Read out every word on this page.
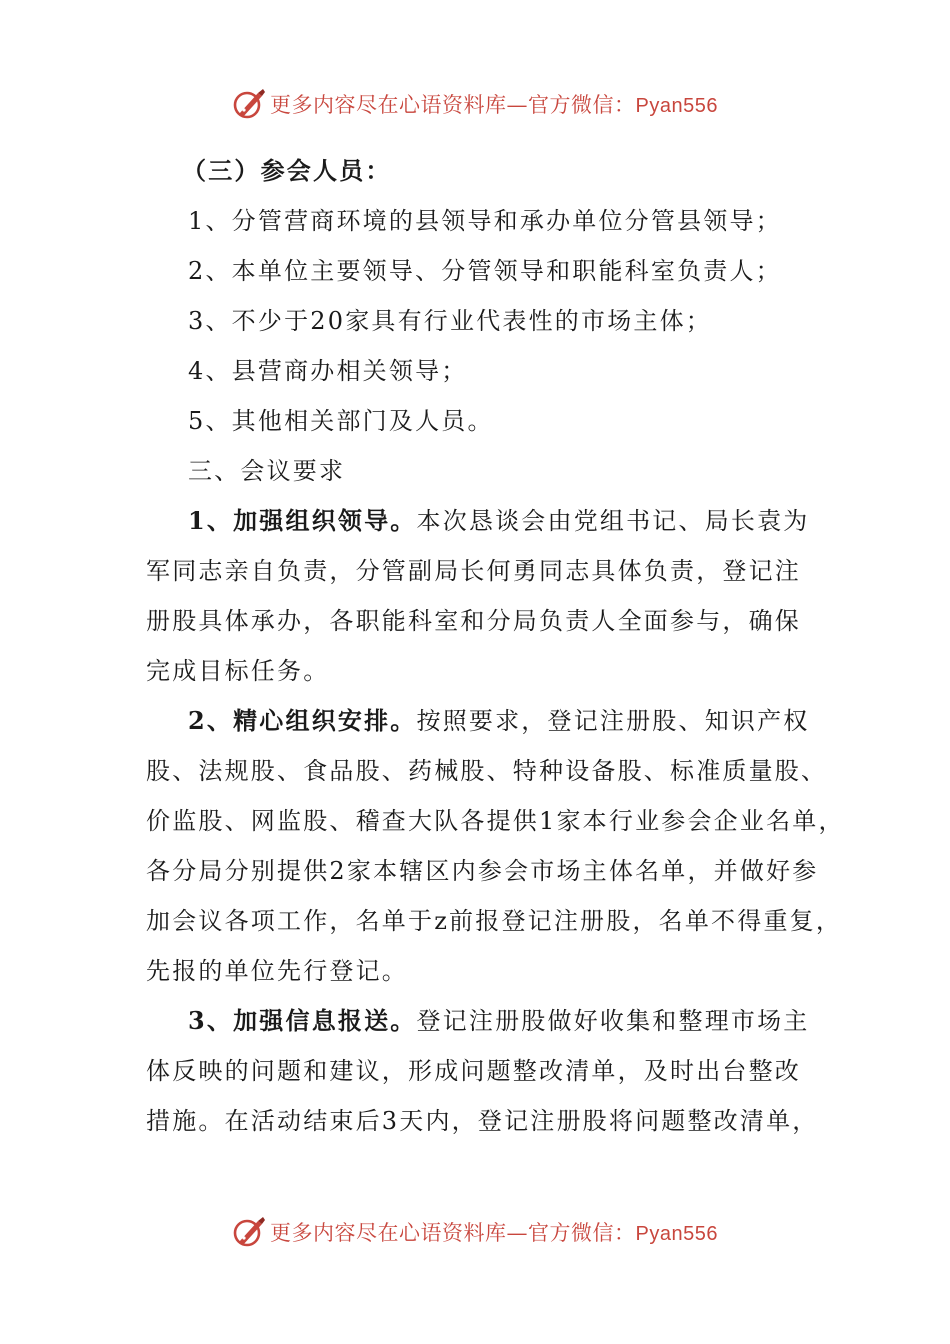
更多内容尽在心语资料库—官方微信：Pyan556
（三）参会人员：
1、分管营商环境的县领导和承办单位分管县领导；
2、本单位主要领导、分管领导和职能科室负责人；
3、不少于20家具有行业代表性的市场主体；
4、县营商办相关领导；
5、其他相关部门及人员。
三、会议要求
1、加强组织领导。本次恳谈会由党组书记、局长袁为
军同志亲自负责，分管副局长何勇同志具体负责，登记注
册股具体承办，各职能科室和分局负责人全面参与，确保
完成目标任务。
2、精心组织安排。按照要求，登记注册股、知识产权
股、法规股、食品股、药械股、特种设备股、标准质量股、
价监股、网监股、稽查大队各提供1家本行业参会企业名单，
各分局分别提供2家本辖区内参会市场主体名单，并做好参
加会议各项工作，名单于z前报登记注册股，名单不得重复，
先报的单位先行登记。
3、加强信息报送。登记注册股做好收集和整理市场主
体反映的问题和建议，形成问题整改清单，及时出台整改
措施。在活动结束后3天内，登记注册股将问题整改清单，
更多内容尽在心语资料库—官方微信：Pyan556
